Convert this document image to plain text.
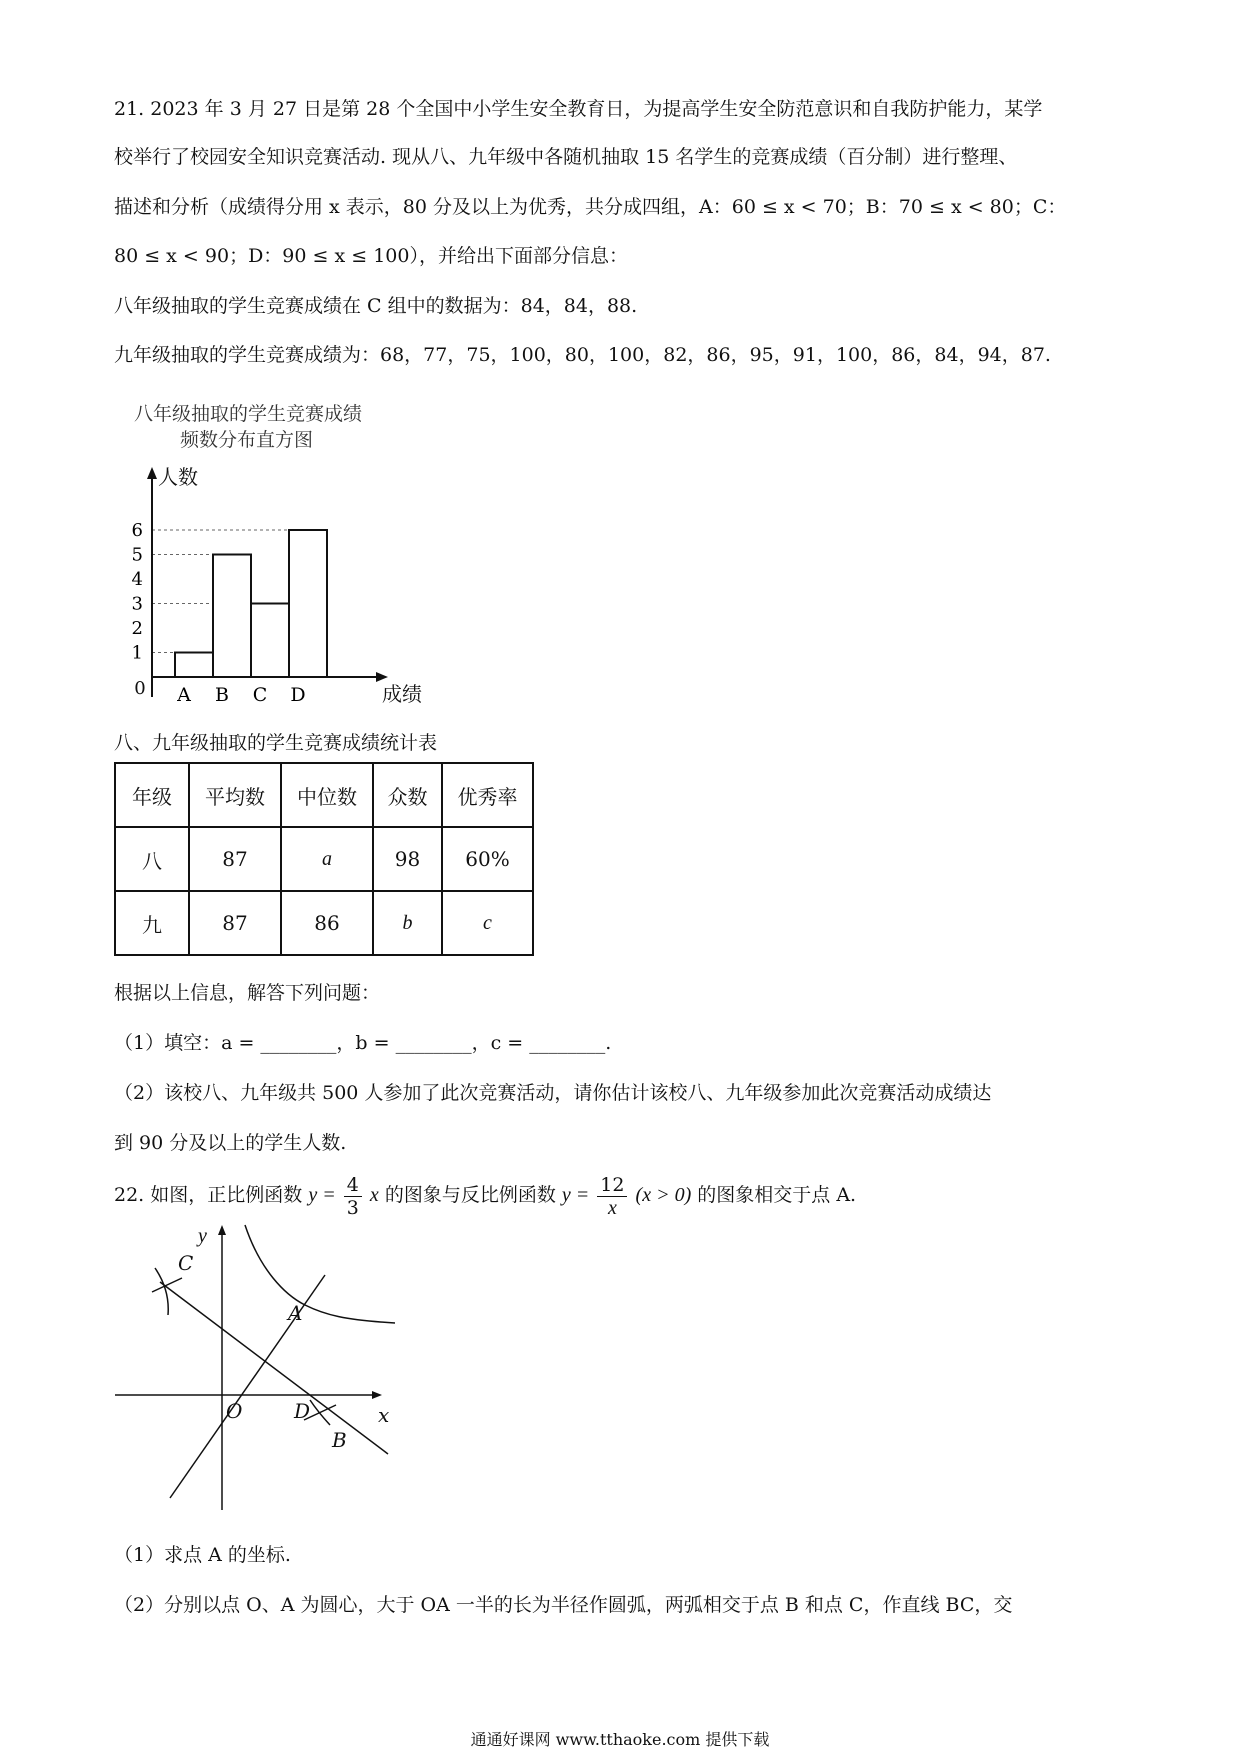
21. 2023 年 3 月 27 日是第 28 个全国中小学生安全教育日，为提高学生安全防范意识和自我防护能力，某学

校举行了校园安全知识竞赛活动. 现从八、九年级中各随机抽取 15 名学生的竞赛成绩（百分制）进行整理、

描述和分析（成绩得分用 x 表示，80 分及以上为优秀，共分成四组，A：60 ≤ x < 70；B：70 ≤ x < 80；C：

80 ≤ x < 90；D：90 ≤ x ≤ 100），并给出下面部分信息：

八年级抽取的学生竞赛成绩在 C 组中的数据为：84，84，88.

九年级抽取的学生竞赛成绩为：68，77，75，100，80，100，82，86，95，91，100，86，84，94，87.

八年级抽取的学生竞赛成绩
频数分布直方图
人数
成绩
0
1
2
3
4
5
6
A B C D

八、九年级抽取的学生竞赛成绩统计表

年级	平均数	中位数	众数	优秀率
八	87	a	98	60%
九	87	86	b	c

根据以上信息，解答下列问题：

（1）填空：a = ________，b = ________，c = ________.

（2）该校八、九年级共 500 人参加了此次竞赛活动，请你估计该校八、九年级参加此次竞赛活动成绩达

到 90 分及以上的学生人数.

22. 如图，正比例函数 $y = \frac{4}{3}$ x 的图象与反比例函数 $y = \frac{12}{x} (x > 0)$ 的图象相交于点 A.
y
x
O
A
B
C
D

（1）求点 A 的坐标.

（2）分别以点 O、A 为圆心，大于 OA 一半的长为半径作圆弧，两弧相交于点 B 和点 C，作直线 BC，交

通通好课网 www.tthaoke.com 提供下载
